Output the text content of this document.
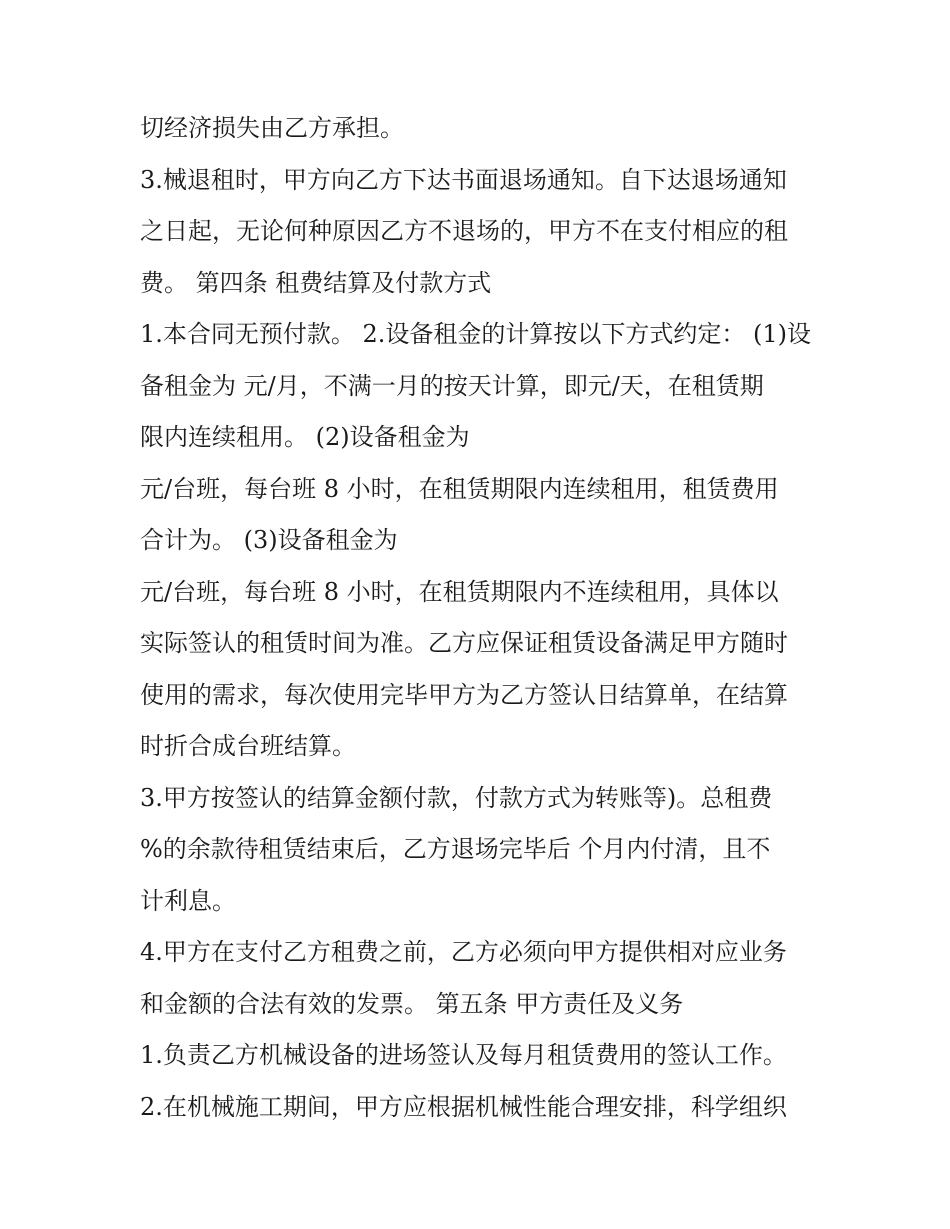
切经济损失由乙方承担。
3.械退租时，甲方向乙方下达书面退场通知。自下达退场通知
之日起，无论何种原因乙方不退场的，甲方不在支付相应的租
费。 第四条 租费结算及付款方式
1.本合同无预付款。 2.设备租金的计算按以下方式约定： (1)设
备租金为 元/月，不满一月的按天计算，即元/天，在租赁期
限内连续租用。 (2)设备租金为
元/台班，每台班 8 小时，在租赁期限内连续租用，租赁费用
合计为。 (3)设备租金为
元/台班，每台班 8 小时，在租赁期限内不连续租用，具体以
实际签认的租赁时间为准。乙方应保证租赁设备满足甲方随时
使用的需求，每次使用完毕甲方为乙方签认日结算单，在结算
时折合成台班结算。
3.甲方按签认的结算金额付款，付款方式为转账等)。总租费
%的余款待租赁结束后，乙方退场完毕后 个月内付清，且不
计利息。
4.甲方在支付乙方租费之前，乙方必须向甲方提供相对应业务
和金额的合法有效的发票。 第五条 甲方责任及义务
1.负责乙方机械设备的进场签认及每月租赁费用的签认工作。
2.在机械施工期间，甲方应根据机械性能合理安排，科学组织
